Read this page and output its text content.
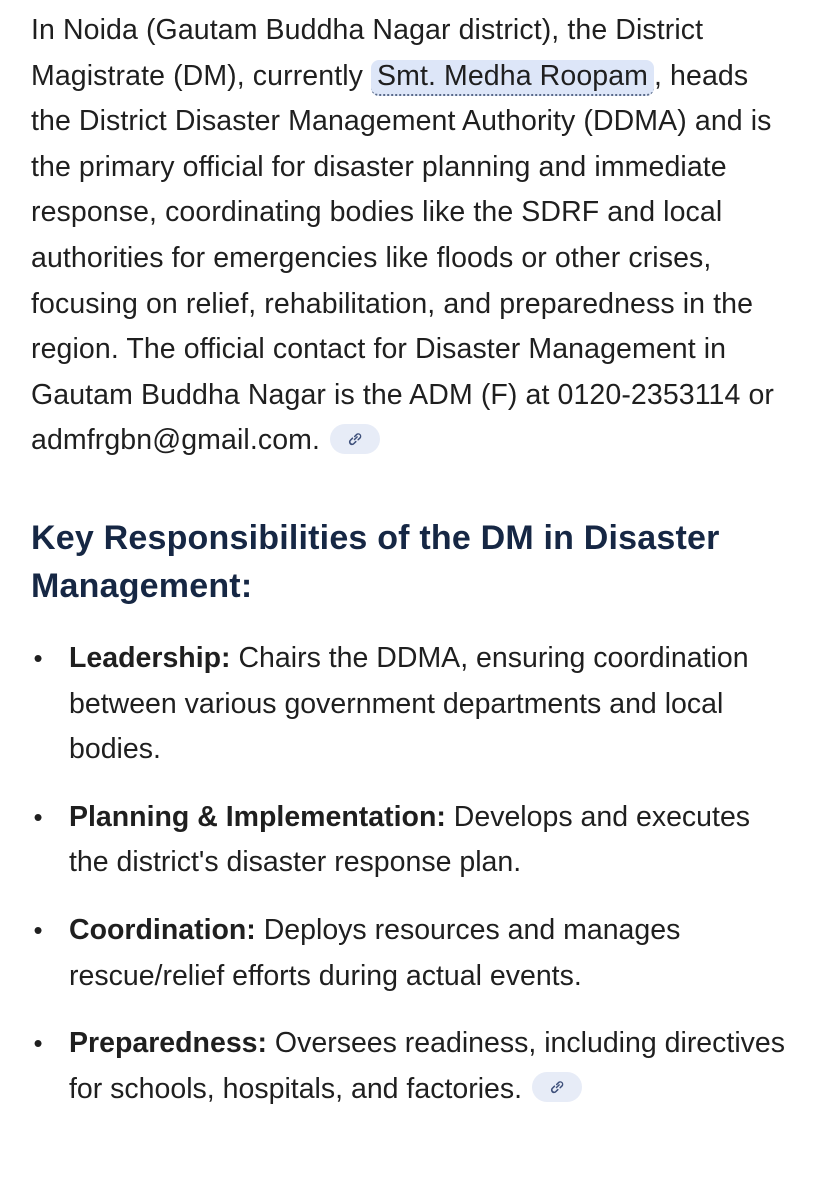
In Noida (Gautam Buddha Nagar district), the District Magistrate (DM), currently Smt. Medha Roopam , heads the District Disaster Management Authority (DDMA) and is the primary official for disaster planning and immediate response, coordinating bodies like the SDRF and local authorities for emergencies like floods or other crises, focusing on relief, rehabilitation, and preparedness in the region. The official contact for Disaster Management in Gautam Buddha Nagar is the ADM (F) at 0120-2353114 or admfrgbn@gmail.com.

Key Responsibilities of the DM in Disaster Management:
• Leadership: Chairs the DDMA, ensuring coordination between various government departments and local bodies.
• Planning & Implementation: Develops and executes the district's disaster response plan.
• Coordination: Deploys resources and manages rescue/relief efforts during actual events.
• Preparedness: Oversees readiness, including directives for schools, hospitals, and factories.
